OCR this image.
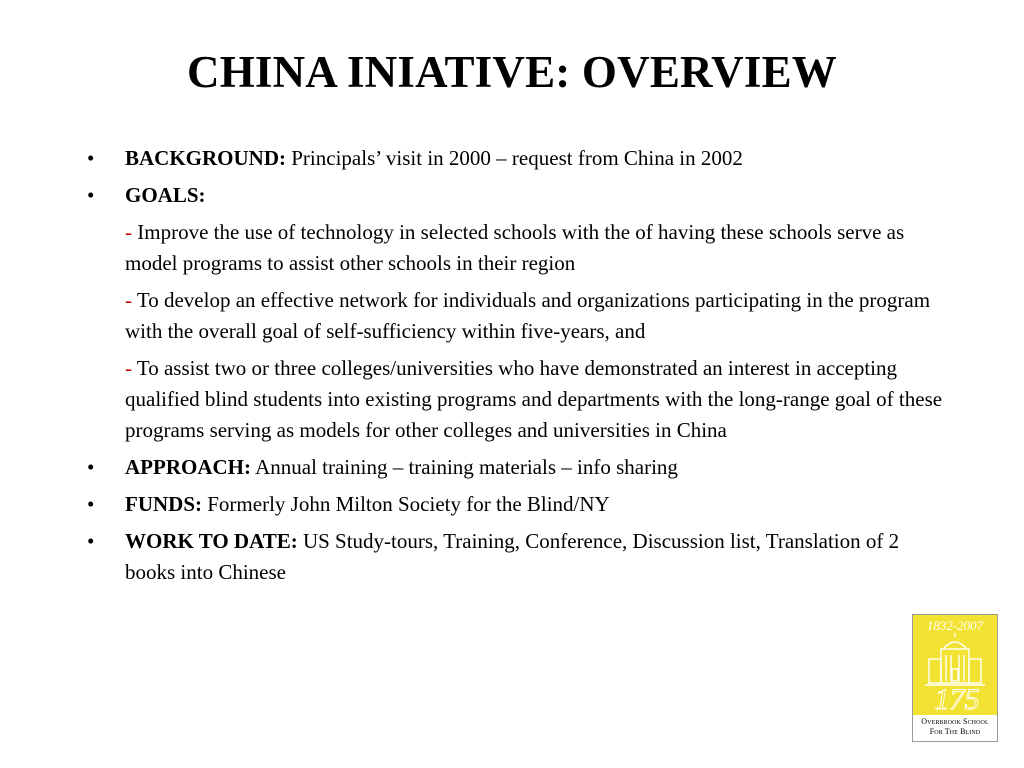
CHINA INIATIVE: OVERVIEW
•	BACKGROUND: Principals’ visit in 2000 – request from China in 2002
•	GOALS:
- Improve the use of technology in selected schools with the of having these schools serve as model programs to assist other schools in their region
- To develop an effective network for individuals and organizations participating in the program with the overall goal of self-sufficiency within five-years, and
- To assist two or three colleges/universities who have demonstrated an interest in accepting qualified blind students into existing programs and departments with the long-range goal of these programs serving as models for other colleges and universities in China
•	APPROACH: Annual training – training materials – info sharing
•	FUNDS: Formerly John Milton Society for the Blind/NY
•	WORK TO DATE: US Study-tours, Training, Conference, Discussion list, Translation of 2 books into Chinese
1832-2007
175
Overbrook School
For The Blind
